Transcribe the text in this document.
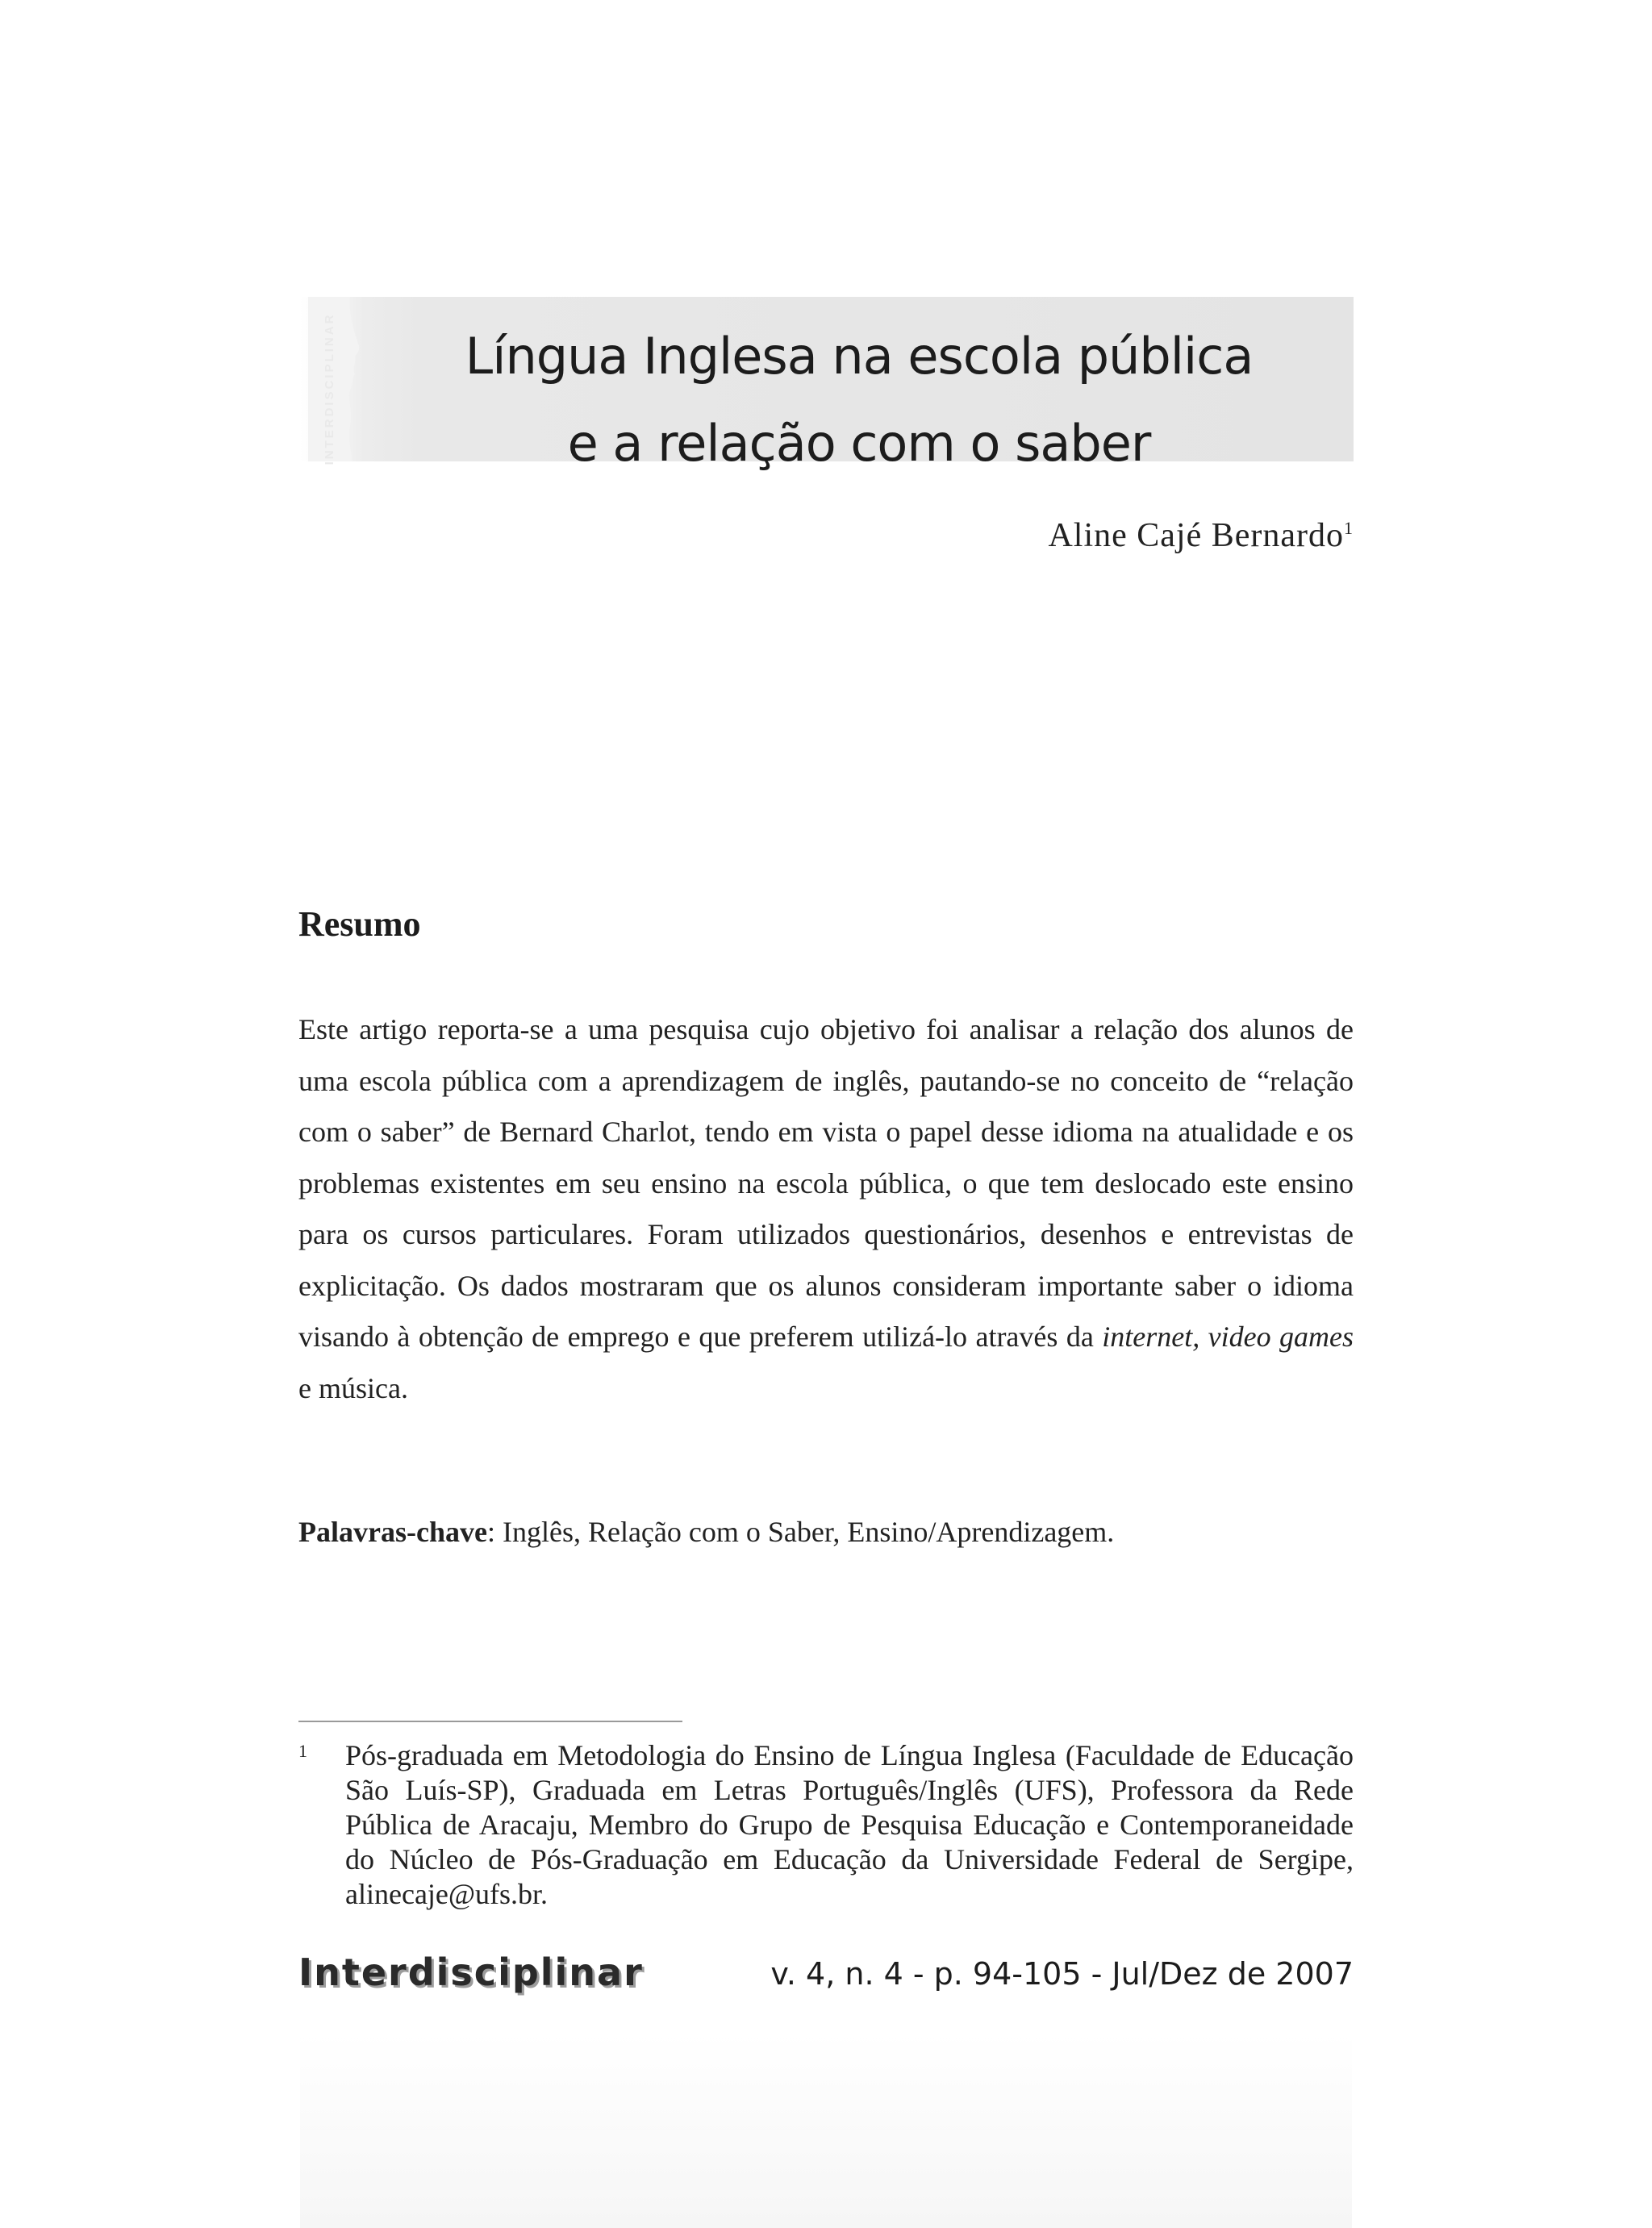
INTERDISCIPLINAR	Língua Inglesa na escola pública
e a relação com o saber
Aline Cajé Bernardo$^1$
Resumo

Este artigo reporta-se a uma pesquisa cujo objetivo foi analisar a relação dos alunos de uma escola pública com a aprendizagem de inglês, pautando-se no conceito de “relação com o saber” de Bernard Charlot, tendo em vista o papel desse idioma na atualidade e os problemas existentes em seu ensino na escola pública, o que tem deslocado este ensino para os cursos particulares. Foram utilizados questionários, desenhos e entrevistas de explicitação. Os dados mostraram que os alunos consideram importante saber o idioma visando à obtenção de emprego e que preferem utilizá-lo através da internet, video games e música.

Palavras-chave: Inglês, Relação com o Saber, Ensino/Aprendizagem.

1 Pós-graduada em Metodologia do Ensino de Língua Inglesa (Faculdade de Educação São Luís-SP), Graduada em Letras Português/Inglês (UFS), Professora da Rede Pública de Aracaju, Membro do Grupo de Pesquisa Educação e Contemporaneidade do Núcleo de Pós-Graduação em Educação da Universidade Federal de Sergipe, alinecaje@ufs.br.

Interdisciplinar	v. 4, n. 4 - p. 94-105 - Jul/Dez de 2007
